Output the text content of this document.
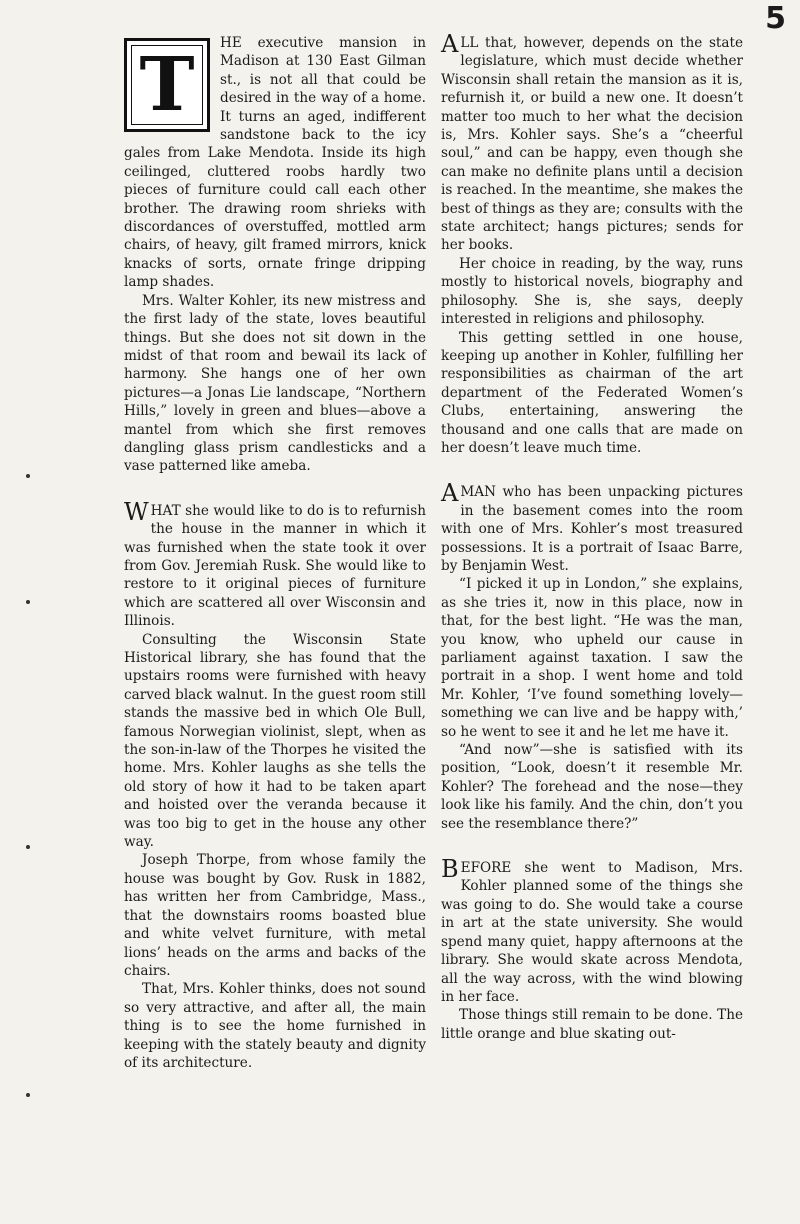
5
T	HE executive mansion in Madison at 130 East Gilman st., is not all that could be desired in the way of a home. It turns an aged, indifferent sandstone back to the icy gales from Lake Mendota. Inside its high ceilinged, cluttered roobs hardly two pieces of furniture could call each other brother. The drawing room shrieks with discordances of overstuffed, mottled arm chairs, of heavy, gilt framed mirrors, knick knacks of sorts, ornate fringe dripping lamp shades.

Mrs. Walter Kohler, its new mistress and the first lady of the state, loves beautiful things. But she does not sit down in the midst of that room and bewail its lack of harmony. She hangs one of her own pictures—a Jonas Lie landscape, “Northern Hills,” lovely in green and blues—above a mantel from which she first removes dangling glass prism candlesticks and a vase patterned like ameba.

WHAT she would like to do is to refurnish the house in the manner in which it was furnished when the state took it over from Gov. Jeremiah Rusk. She would like to restore to it original pieces of furniture which are scattered all over Wisconsin and Illinois.

Consulting the Wisconsin State Historical library, she has found that the upstairs rooms were furnished with heavy carved black walnut. In the guest room still stands the massive bed in which Ole Bull, famous Norwegian violinist, slept, when as the son-in-law of the Thorpes he visited the home. Mrs. Kohler laughs as she tells the old story of how it had to be taken apart and hoisted over the veranda because it was too big to get in the house any other way.

Joseph Thorpe, from whose family the house was bought by Gov. Rusk in 1882, has written her from Cambridge, Mass., that the downstairs rooms boasted blue and white velvet furniture, with metal lions’ heads on the arms and backs of the chairs.

That, Mrs. Kohler thinks, does not sound so very attractive, and after all, the main thing is to see the home furnished in keeping with the stately beauty and dignity of its architecture.

ALL that, however, depends on the state legislature, which must decide whether Wisconsin shall retain the mansion as it is, refurnish it, or build a new one. It doesn’t matter too much to her what the decision is, Mrs. Kohler says. She’s a “cheerful soul,” and can be happy, even though she can make no definite plans until a decision is reached. In the meantime, she makes the best of things as they are; consults with the state architect; hangs pictures; sends for her books.

Her choice in reading, by the way, runs mostly to historical novels, biography and philosophy. She is, she says, deeply interested in religions and philosophy.

This getting settled in one house, keeping up another in Kohler, fulfilling her responsibilities as chairman of the art department of the Federated Women’s Clubs, entertaining, answering the thousand and one calls that are made on her doesn’t leave much time.

AMAN who has been unpacking pictures in the basement comes into the room with one of Mrs. Kohler’s most treasured possessions. It is a portrait of Isaac Barre, by Benjamin West.

“I picked it up in London,” she explains, as she tries it, now in this place, now in that, for the best light. “He was the man, you know, who upheld our cause in parliament against taxation. I saw the portrait in a shop. I went home and told Mr. Kohler, ‘I’ve found something lovely—something we can live and be happy with,’ so he went to see it and he let me have it.

“And now”—she is satisfied with its position, “Look, doesn’t it resemble Mr. Kohler? The forehead and the nose—they look like his family. And the chin, don’t you see the resemblance there?”

BEFORE she went to Madison, Mrs. Kohler planned some of the things she was going to do. She would take a course in art at the state university. She would spend many quiet, happy afternoons at the library. She would skate across Mendota, all the way across, with the wind blowing in her face.

Those things still remain to be done. The little orange and blue skating out-
